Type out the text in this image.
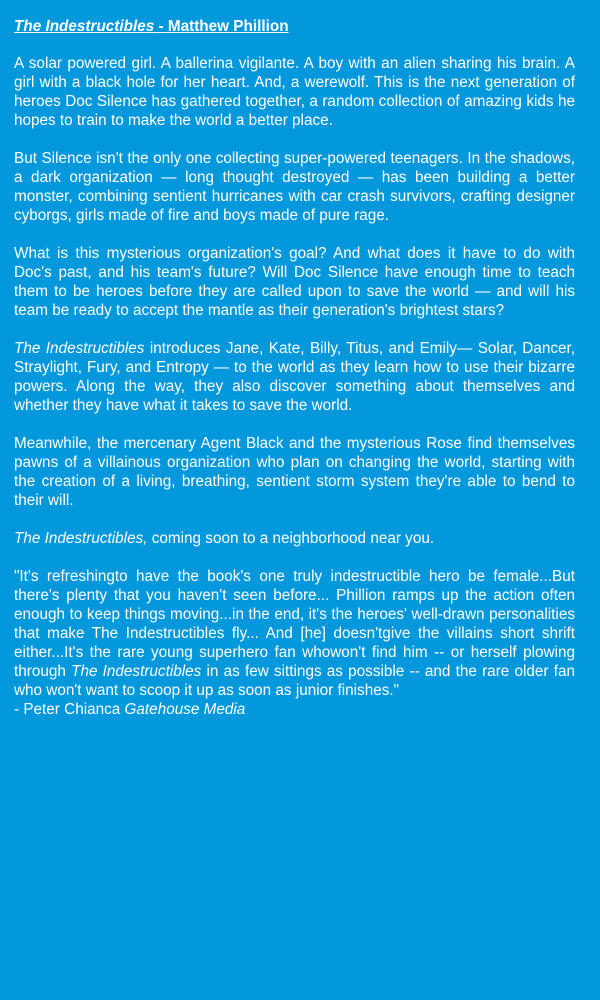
The Indestructibles - Matthew Phillion

A solar powered girl. A ballerina vigilante. A boy with an alien sharing his brain. A girl with a black hole for her heart. And, a werewolf. This is the next generation of heroes Doc Silence has gathered together, a random collection of amazing kids he hopes to train to make the world a better place.

But Silence isn't the only one collecting super-powered teenagers. In the shadows, a dark organization — long thought destroyed — has been building a better monster, combining sentient hurricanes with car crash survivors, crafting designer cyborgs, girls made of fire and boys made of pure rage.

What is this mysterious organization's goal? And what does it have to do with Doc's past, and his team's future? Will Doc Silence have enough time to teach them to be heroes before they are called upon to save the world — and will his team be ready to accept the mantle as their generation's brightest stars?

The Indestructibles introduces Jane, Kate, Billy, Titus, and Emily— Solar, Dancer, Straylight, Fury, and Entropy — to the world as they learn how to use their bizarre powers. Along the way, they also discover something about themselves and whether they have what it takes to save the world.

Meanwhile, the mercenary Agent Black and the mysterious Rose find themselves pawns of a villainous organization who plan on changing the world, starting with the creation of a living, breathing, sentient storm system they're able to bend to their will.

The Indestructibles, coming soon to a neighborhood near you.

"It's refreshingto have the book's one truly indestructible hero be female...But there's plenty that you haven't seen before... Phillion ramps up the action often enough to keep things moving...in the end, it's the heroes' well-drawn personalities that make The Indestructibles fly... And [he] doesn'tgive the villains short shrift either...It's the rare young superhero fan whowon't find him -- or herself plowing through The Indestructibles in as few sittings as possible -- and the rare older fan who won't want to scoop it up as soon as junior finishes."

- Peter Chianca Gatehouse Media
